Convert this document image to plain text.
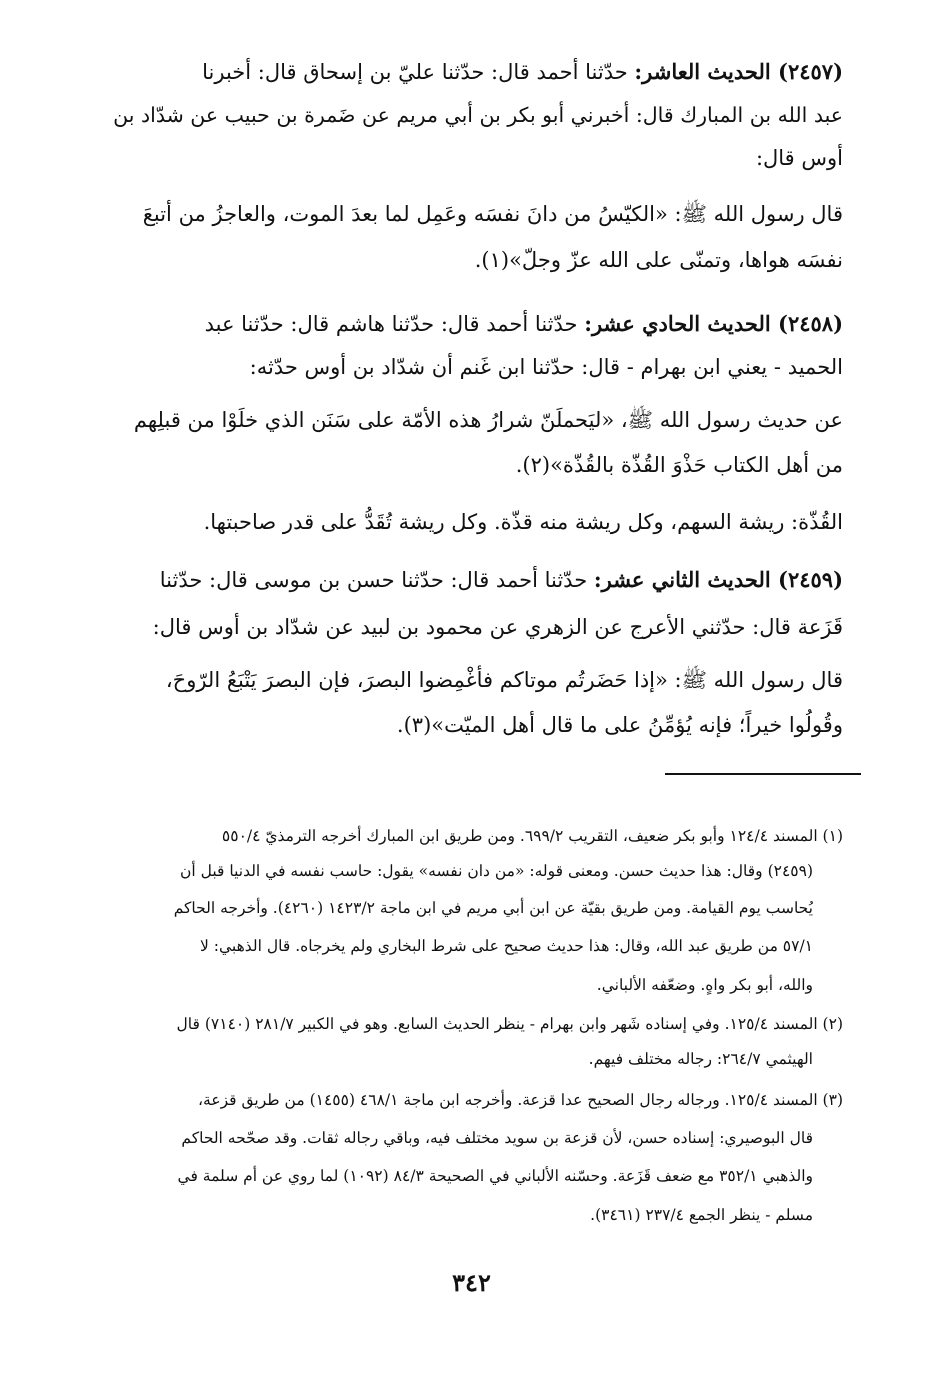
(٢٤٥٧) الحديث العاشر: حدّثنا أحمد قال: حدّثنا عليّ بن إسحاق قال: أخبرنا
عبد الله بن المبارك قال: أخبرني أبو بكر بن أبي مريم عن ضَمرة بن حبيب عن شدّاد بن
أوس قال:
قال رسول الله ﷺ: «الكيّسُ من دانَ نفسَه وعَمِل لما بعدَ الموت، والعاجزُ من أتبعَ
نفسَه هواها، وتمنّى على الله عزّ وجلّ»(١).
(٢٤٥٨) الحديث الحادي عشر: حدّثنا أحمد قال: حدّثنا هاشم قال: حدّثنا عبد
الحميد - يعني ابن بهرام - قال: حدّثنا ابن غَنم أن شدّاد بن أوس حدّثه:
عن حديث رسول الله ﷺ، «ليَحملَنّ شرارُ هذه الأمّة على سَنَن الذي خلَوْا من قبلِهم
من أهل الكتاب حَذْوَ القُذّة بالقُذّة»(٢).
القُذّة: ريشة السهم، وكل ريشة منه قذّة. وكل ريشة تُقَدُّ على قدر صاحبتها.
(٢٤٥٩) الحديث الثاني عشر: حدّثنا أحمد قال: حدّثنا حسن بن موسى قال: حدّثنا
قَزَعة قال: حدّثني الأعرج عن الزهري عن محمود بن لبيد عن شدّاد بن أوس قال:
قال رسول الله ﷺ: «إذا حَضَرتُم موتاكم فأغْمِضوا البصرَ، فإن البصرَ يَتْبَعُ الرّوحَ،
وقُولُوا خيراً؛ فإنه يُؤمِّنُ على ما قال أهل الميّت»(٣).
(١) المسند ١٢٤/٤ وأبو بكر ضعيف، التقريب ٦٩٩/٢. ومن طريق ابن المبارك أخرجه الترمذيّ ٥٥٠/٤
(٢٤٥٩) وقال: هذا حديث حسن. ومعنى قوله: «من دان نفسه» يقول: حاسب نفسه في الدنيا قبل أن
يُحاسب يوم القيامة. ومن طريق بقيّة عن ابن أبي مريم في ابن ماجة ١٤٢٣/٢ (٤٢٦٠). وأخرجه الحاكم
٥٧/١ من طريق عبد الله، وقال: هذا حديث صحيح على شرط البخاري ولم يخرجاه. قال الذهبي: لا
والله، أبو بكر واهٍ. وضعّفه الألباني.
(٢) المسند ١٢٥/٤. وفي إسناده شَهر وابن بهرام - ينظر الحديث السابع. وهو في الكبير ٢٨١/٧ (٧١٤٠) قال
الهيثمي ٢٦٤/٧: رجاله مختلف فيهم.
(٣) المسند ١٢٥/٤. ورجاله رجال الصحيح عدا قزعة. وأخرجه ابن ماجة ٤٦٨/١ (١٤٥٥) من طريق قزعة،
قال البوصيري: إسناده حسن، لأن قزعة بن سويد مختلف فيه، وباقي رجاله ثقات. وقد صحّحه الحاكم
والذهبي ٣٥٢/١ مع ضعف قَزَعة. وحسّنه الألباني في الصحيحة ٨٤/٣ (١٠٩٢) لما روي عن أم سلمة في
مسلم - ينظر الجمع ٢٣٧/٤ (٣٤٦١).
٣٤٢
